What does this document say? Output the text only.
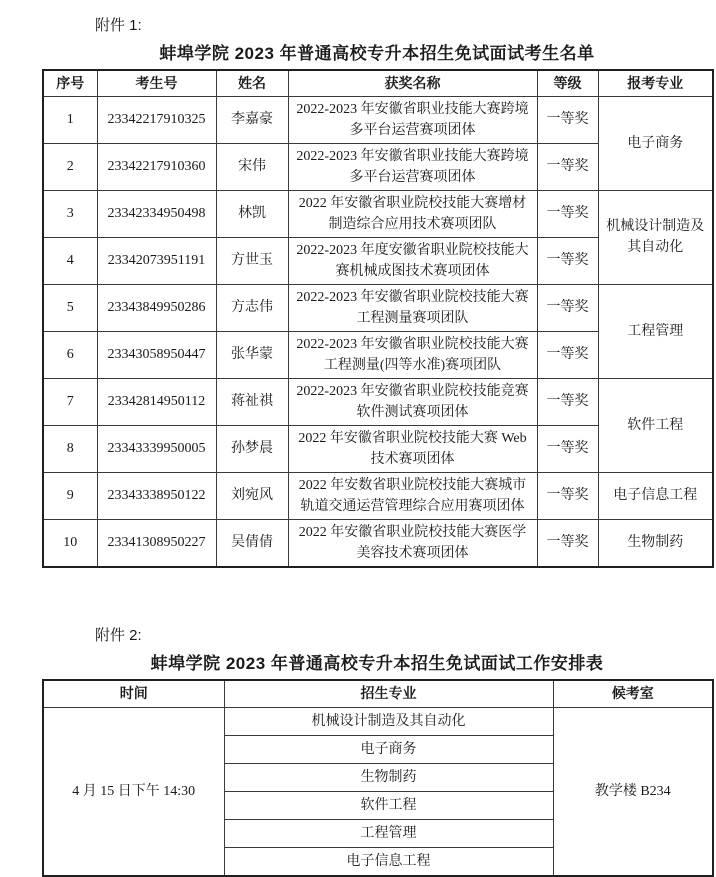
附件 1:
蚌埠学院 2023 年普通高校专升本招生免试面试考生名单
序号	考生号	姓名	获奖名称	等级	报考专业
1	23342217910325	李嘉豪	2022-2023 年安徽省职业技能大赛跨境多平台运营赛项团体	一等奖	电子商务
2	23342217910360	宋伟	2022-2023 年安徽省职业技能大赛跨境多平台运营赛项团体	一等奖	
3	23342334950498	林凯	2022 年安徽省职业院校技能大赛增材制造综合应用技术赛项团队	一等奖	机械设计制造及其自动化
4	23342073951191	方世玉	2022-2023 年度安徽省职业院校技能大赛机械成图技术赛项团体	一等奖	
5	23343849950286	方志伟	2022-2023 年安徽省职业院校技能大赛工程测量赛项团队	一等奖	工程管理
6	23343058950447	张华蒙	2022-2023 年安徽省职业院校技能大赛工程测量(四等水准)赛项团队	一等奖	
7	23342814950112	蒋祉祺	2022-2023 年安徽省职业院校技能竞赛软件测试赛项团体	一等奖	软件工程
8	23343339950005	孙梦晨	2022 年安徽省职业院校技能大赛 Web 技术赛项团体	一等奖	
9	23343338950122	刘宛风	2022 年安数省职业院校技能大赛城市轨道交通运营管理综合应用赛项团体	一等奖	电子信息工程
10	23341308950227	吴倩倩	2022 年安徽省职业院校技能大赛医学美容技术赛项团体	一等奖	生物制药
附件 2:
蚌埠学院 2023 年普通高校专升本招生免试面试工作安排表
时间	招生专业	候考室
4 月 15 日下午 14:30	机械设计制造及其自动化	教学楼 B234
	电子商务	
	生物制药	
	软件工程	
	工程管理	
	电子信息工程	
